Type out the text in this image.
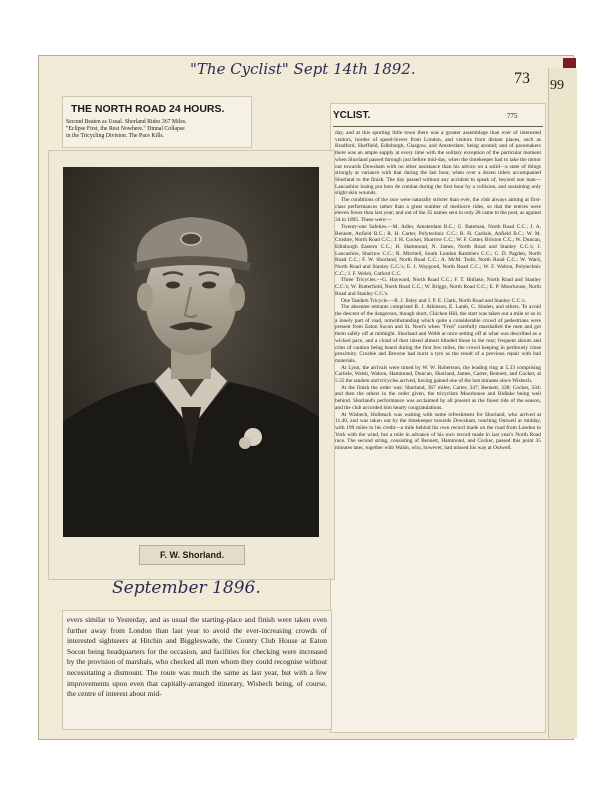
99
"The Cyclist" Sept 14th 1892.
73
THE NORTH ROAD 24 HOURS.
Second Beaten as Usual. Shorland Rides 367 Miles.
"Eclipse First, the Rest Nowhere." Dinnal Collapse
in the Tricycling Division. The Pace Kills.
YCLIST.	775
day, and at this sporting little town there was a greater assemblage than ever of interested visitors, hordes of speed-lovers from London, and visitors from distant places, such as Bradford, Sheffield, Edinburgh, Glasgow, and Amsterdam, being around; and of pacemakers there was an ample supply at every time with the solitary exception of the particular moment when Shorland passed through just before mid-day, when the timekeeper had to take the motor out towards Dowsham with no other assistance than his advice on a solid—a state of things strongly at variance with that during the last hour, when over a dozen riders accompanied Shorland to the finish. The day passed without any accident to speak of, beyond one man—Lancashire losing pot hors de combat during the first hour by a collision, and sustaining only slight skin wounds.
The conditions of the race were naturally stricter than ever, the club always aiming at first-class performances rather than a great number of mediocre rides, so that the entries were eleven fewer than last year; and out of the 35 names sent in only 28 came to the post, as against 34 in 1895. These were:—
Twenty-one Safeties.—M. Adler, Amsterdam B.C.; G. Bateman, North Road C.C.; J. A. Bennett, Anfield B.C.; R. H. Carter, Polytechnic C.C.; R. H. Carlisle, Anfield B.C.; W. M. Crosbie, North Road C.C.; J. H. Cocker, Sharrow C.C.; W. F. Cotter, Brixton C.C.; W. Duncan, Edinburgh Eastern C.C.; H. Hammond, N. James, North Road and Stanley C.C.'s; J. Lancashire, Sharrow C.C.; R. Mitchell, South London Ramblers C.C.; C. D. Pagden, North Road C.C.; F. W. Shorland, North Road C.C.; A. McM. Todd, North Road C.C.; W. Ward, North Road and Stanley C.C.'s; E. J. Waygood, North Road C.C.; W. F. Walton, Polytechnic C.C.; J. F. Welsh, Catford C.C.
Three Tricycles.—G. Hayward, North Road C.C.; F. T. Bidlake, North Road and Stanley C.C.'s; W. Butterfield, North Road C.C.; W. Briggs, North Road C.C.; E. P. Moorhouse, North Road and Stanley C.C.'s.
One Tandem Tricycle.—R. J. Ilsley and J. P. E. Clark, North Road and Stanley C.C.'s.
The absentee entrants comprised R. J. Atkinson, E. Lamb, C. Sinden, and others. To avoid the descent of the dangerous, though short, Chicken Hill, the start was taken out a mile or so in a lonely part of road, notwithstanding which quite a considerable crowd of pedestrians were present from Eaton Socon and St. Neot's when "Fred" carefully marshalled the men and got them safely off at midnight. Shorland and Webb at once setting off at what was described as a wicked pace, and a cloud of dust raised almost blinded those in the rear; frequent shouts and cries of caution being heard during the first few miles, the crowd keeping in perilously close proximity. Crosbie and Browne had burst a tyre as the result of a previous repair with bad materials.
At Lynn, the arrivals were timed by W. W. Robertson, the leading ring at 5.33 comprising Carlisle, Walsh, Walton, Hammond, Duncan, Shorland, James, Carter, Bennett, and Cocker, at 5.35 the tandem and tricycles arrived, having gained one of the lost minutes since Wisbech.
At the finish the order was: Shorland, 367 miles; Carter, 347; Bennett, 338; Cocker, 334; and then the others in the order given, the tricyclists Moorhouse and Bidlake being well behind. Shorland's performance was acclaimed by all present as the finest ride of the season, and the club accorded him hearty congratulations.
At Wisbech, Holbeach was waiting with some refreshment for Shorland, who arrived at 11.40, and was taken out by the timekeeper towards Dowsham, reaching Outwell at midday, with 199 miles to his credit—a mile behind his own record made on the road from London to York with the wind, but a mile in advance of his own record made in last year's North Road race. The second string, consisting of Bennett, Hammond, and Cocker, passed this point 35 minutes later, together with Walsh, who, however, had missed his way at Outwell.
F. W. Shorland.
September 1896.
evers similar to Yesterday, and as usual the starting-place and finish were taken even further away from London than last year to avoid the ever-increasing crowds of interested sightseers at Hitchin and Biggleswade, the County Club House at Eaton Socon being headquarters for the occasion, and facilities for checking were increased by the provision of marshals, who checked all men whom they could recognise without necessitating a dismount. The route was much the same as last year, but with a few improvements upon even that capitally-arranged itinerary, Wisbech being, of course, the centre of interest about mid-
